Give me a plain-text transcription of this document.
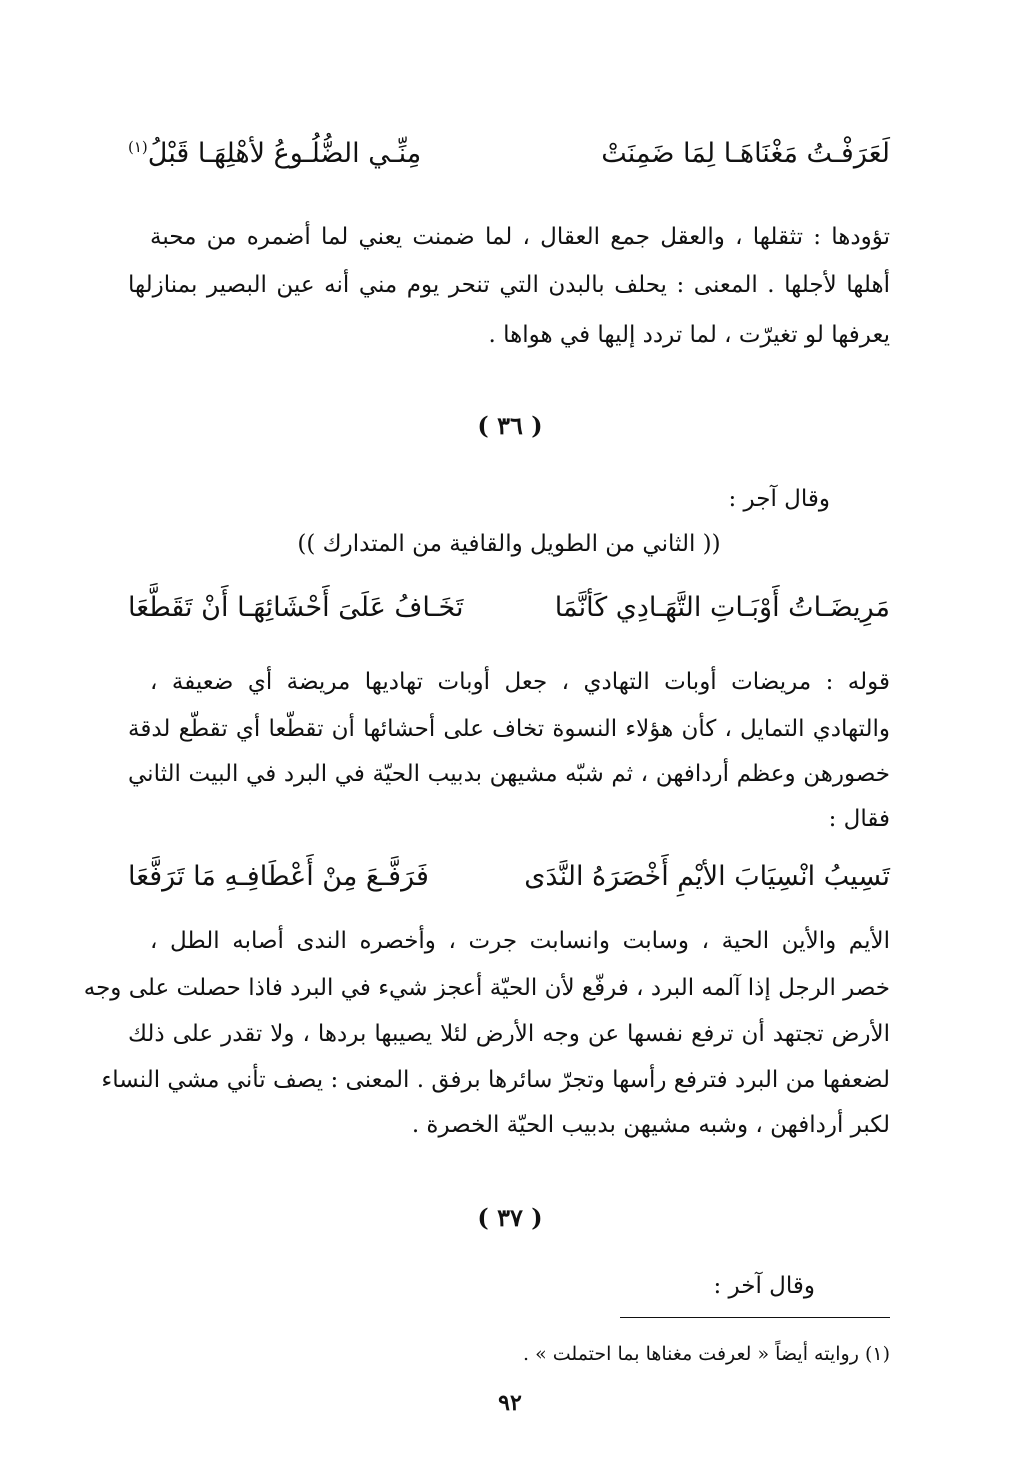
لَعَرَفْـتُ مَغْنَاهَـا لِمَا ضَمِنَتْ
مِنِّـي الضُّلُـوعُ لأهْلِهَـا قَبْلُ$^{(١)}$
تؤودها : تثقلها ، والعقل جمع العقال ، لما ضمنت يعني لما أضمره من محبة
أهلها لأجلها . المعنى : يحلف بالبدن التي تنحر يوم مني أنه عين البصير بمنازلها
يعرفها لو تغيرّت ، لما تردد إليها في هواها .
( ٣٦ )
وقال آجر :
(( الثاني من الطويل والقافية من المتدارك ))
مَرِيضَـاتُ أَوْبَـاتِ التَّهَـادِي كَأنَّمَا
تَخَـافُ عَلَىَ أَحْشَائِهَـا أَنْ تَقَطَّعَا
قوله : مريضات أوبات التهادي ، جعل أوبات تهاديها مريضة أي ضعيفة ،
والتهادي التمايل ، كأن هؤلاء النسوة تخاف على أحشائها أن تقطّعا أي تقطّع لدقة
خصورهن وعظم أردافهن ، ثم شبّه مشيهن بدبيب الحيّة في البرد في البيت الثاني
فقال :
تَسِيبُ انْسِيَابَ الأيْمِ أَخْصَرَهُ النَّدَى
فَرَفَّـعَ مِنْ أَعْطَافِـهِ مَا تَرَفَّعَا
الأيم والأين الحية ، وسابت وانسابت جرت ، وأخصره الندى أصابه الطل ،
خصر الرجل إذا آلمه البرد ، فرفّع لأن الحيّة أعجز شيء في البرد فاذا حصلت على وجه
الأرض تجتهد أن ترفع نفسها عن وجه الأرض لئلا يصيبها بردها ، ولا تقدر على ذلك
لضعفها من البرد فترفع رأسها وتجرّ سائرها برفق . المعنى : يصف تأني مشي النساء
لكبر أردافهن ، وشبه مشيهن بدبيب الحيّة الخصرة .
( ٣٧ )
وقال آخر :
(١) روايته أيضاً « لعرفت مغناها بما احتملت » .
٩٢
